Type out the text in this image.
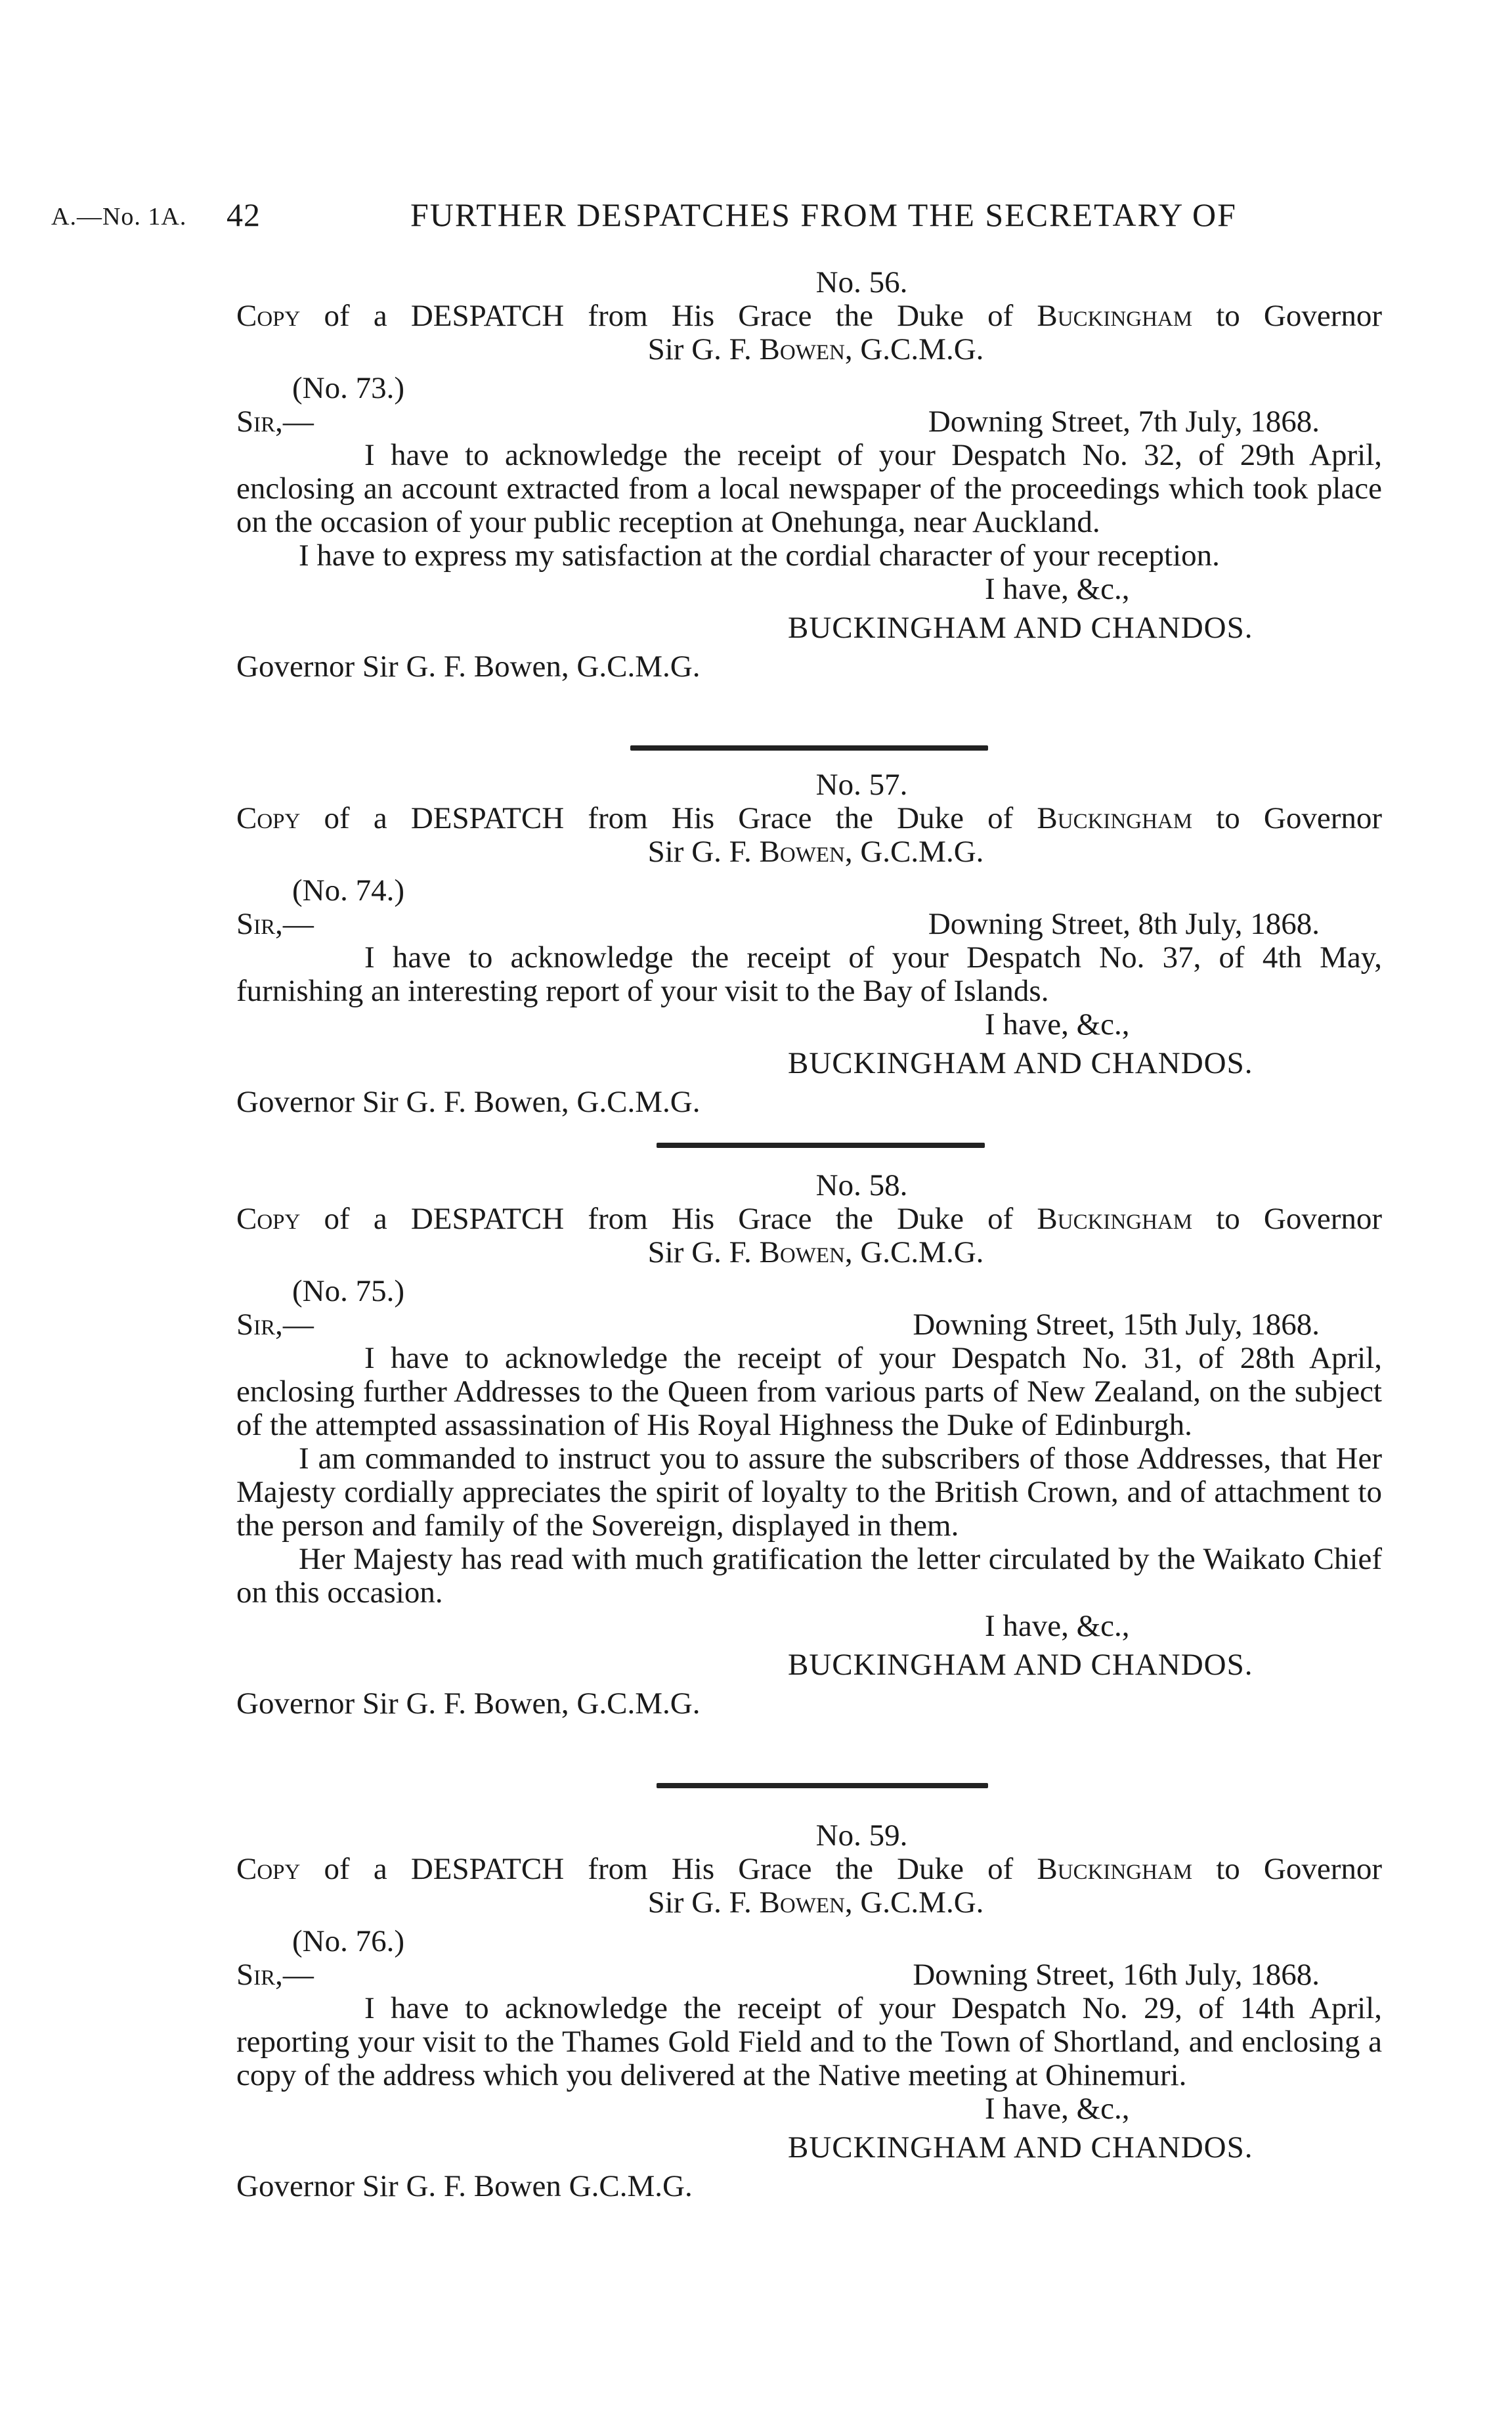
A.—No. 1A. 42	FURTHER DESPATCHES FROM THE SECRETARY OF
No. 56.
Copy of a DESPATCH from His Grace the Duke of Buckingham to Governor
Sir G. F. Bowen, G.C.M.G.
(No. 73.)
Sir,—	Downing Street, 7th July, 1868.

I have to acknowledge the receipt of your Despatch No. 32, of 29th April, enclosing an account extracted from a local newspaper of the proceedings which took place on the occasion of your public reception at Onehunga, near Auckland.

I have to express my satisfaction at the cordial character of your reception.

I have, &c.,
BUCKINGHAM AND CHANDOS.
Governor Sir G. F. Bowen, G.C.M.G.
No. 57.
Copy of a DESPATCH from His Grace the Duke of Buckingham to Governor
Sir G. F. Bowen, G.C.M.G.
(No. 74.)
Sir,—	Downing Street, 8th July, 1868.

I have to acknowledge the receipt of your Despatch No. 37, of 4th May, furnishing an interesting report of your visit to the Bay of Islands.

I have, &c.,
BUCKINGHAM AND CHANDOS.
Governor Sir G. F. Bowen, G.C.M.G.
No. 58.
Copy of a DESPATCH from His Grace the Duke of Buckingham to Governor
Sir G. F. Bowen, G.C.M.G.
(No. 75.)
Sir,—	Downing Street, 15th July, 1868.

I have to acknowledge the receipt of your Despatch No. 31, of 28th April, enclosing further Addresses to the Queen from various parts of New Zealand, on the subject of the attempted assassination of His Royal Highness the Duke of Edinburgh.

I am commanded to instruct you to assure the subscribers of those Addresses, that Her Majesty cordially appreciates the spirit of loyalty to the British Crown, and of attachment to the person and family of the Sovereign, displayed in them.

Her Majesty has read with much gratification the letter circulated by the Waikato Chief on this occasion.

I have, &c.,
BUCKINGHAM AND CHANDOS.
Governor Sir G. F. Bowen, G.C.M.G.
No. 59.
Copy of a DESPATCH from His Grace the Duke of Buckingham to Governor
Sir G. F. Bowen, G.C.M.G.
(No. 76.)
Sir,—	Downing Street, 16th July, 1868.

I have to acknowledge the receipt of your Despatch No. 29, of 14th April, reporting your visit to the Thames Gold Field and to the Town of Shortland, and enclosing a copy of the address which you delivered at the Native meeting at Ohinemuri.

I have, &c.,
BUCKINGHAM AND CHANDOS.
Governor Sir G. F. Bowen G.C.M.G.
